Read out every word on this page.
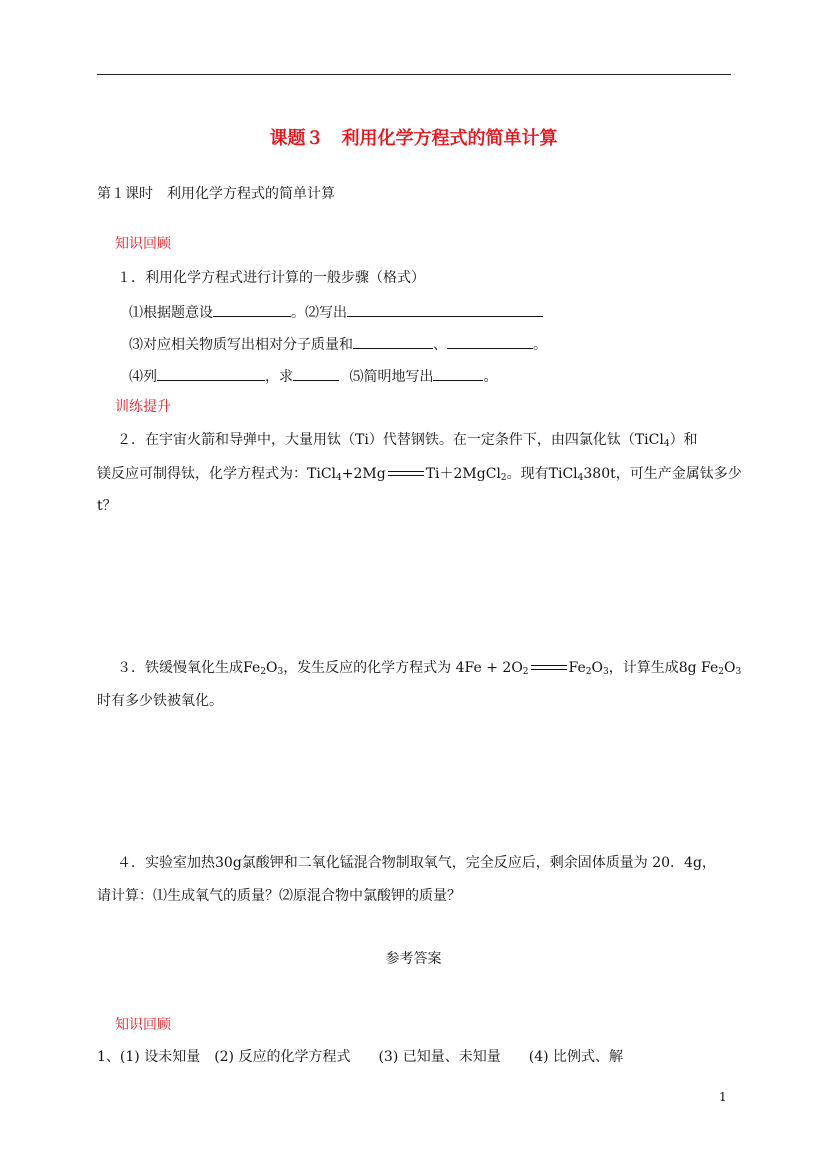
课题３　利用化学方程式的简单计算
第１课时　利用化学方程式的简单计算
知识回顾
１．利用化学方程式进行计算的一般步骤（格式）
⑴根据题意设	。⑵写出
⑶对应相关物质写出相对分子质量和	、	。
⑷列	，求	⑸简明地写出	。
训练提升
２．在宇宙火箭和导弹中，大量用钛（Ti）代替钢铁。在一定条件下，由四氯化钛（TiCl$_4$）和
镁反应可制得钛，化学方程式为：TiCl$_4$+2Mg	Ti＋2MgCl$_2$。现有TiCl$_4$380t，可生产金属钛多少
t？
３．铁缓慢氧化生成$Fe_2O_3$，发生反应的化学方程式为 $4Fe + 2O_2$	$Fe_2O_3$，计算生成8g $Fe_2O_3$
时有多少铁被氧化。
４．实验室加热30g氯酸钾和二氧化锰混合物制取氧气，完全反应后，剩余固体质量为 20．4g，
请计算：⑴生成氧气的质量？⑵原混合物中氯酸钾的质量？
参考答案
知识回顾
1、(1) 设未知量　(2) 反应的化学方程式　　(3) 已知量、未知量　　(4) 比例式、解
1
